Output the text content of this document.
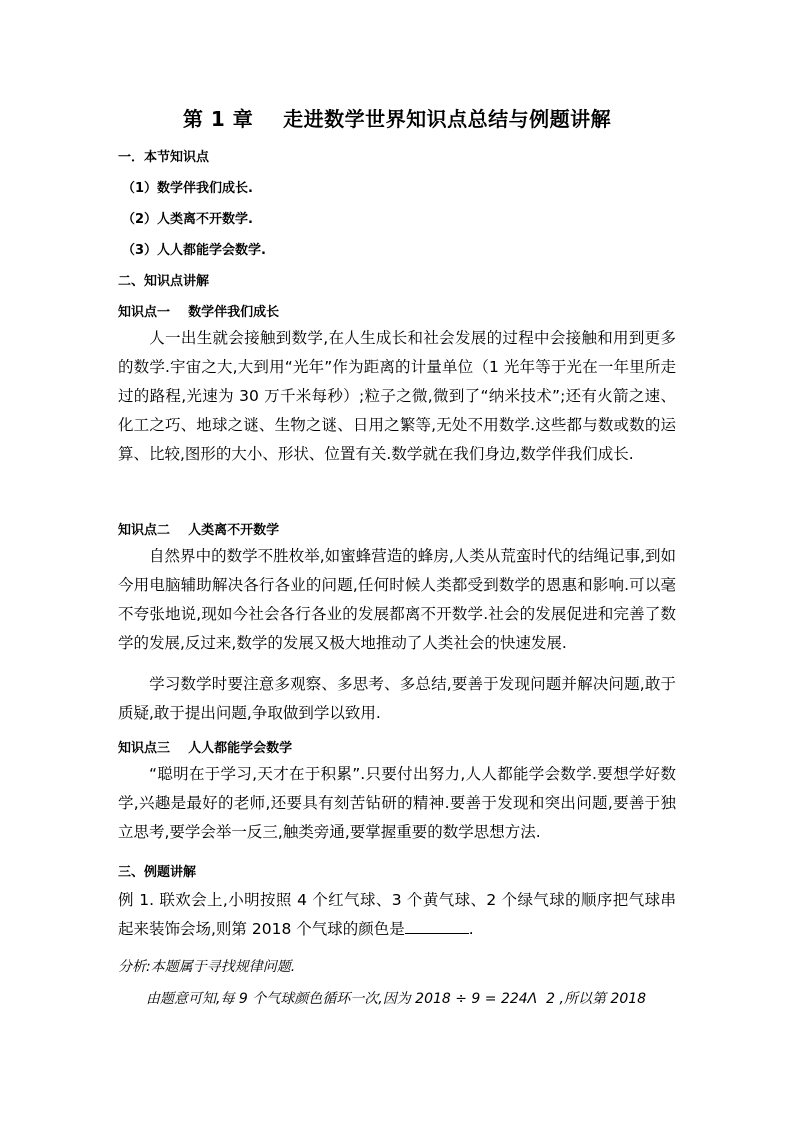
第 1 章    走进数学世界知识点总结与例题讲解
一．本节知识点
（1）数学伴我们成长.
（2）人类离不开数学.
（3）人人都能学会数学.
二、知识点讲解
知识点一    数学伴我们成长
人一出生就会接触到数学,在人生成长和社会发展的过程中会接触和用到更多的数学.宇宙之大,大到用“光年”作为距离的计量单位（1 光年等于光在一年里所走过的路程,光速为 30 万千米每秒）;粒子之微,微到了“纳米技术”;还有火箭之速、化工之巧、地球之谜、生物之谜、日用之繁等,无处不用数学.这些都与数或数的运算、比较,图形的大小、形状、位置有关.数学就在我们身边,数学伴我们成长.
知识点二    人类离不开数学
自然界中的数学不胜枚举,如蜜蜂营造的蜂房,人类从荒蛮时代的结绳记事,到如今用电脑辅助解决各行各业的问题,任何时候人类都受到数学的恩惠和影响.可以毫不夸张地说,现如今社会各行各业的发展都离不开数学.社会的发展促进和完善了数学的发展,反过来,数学的发展又极大地推动了人类社会的快速发展.
学习数学时要注意多观察、多思考、多总结,要善于发现问题并解决问题,敢于质疑,敢于提出问题,争取做到学以致用.
知识点三    人人都能学会数学
“聪明在于学习,天才在于积累”.只要付出努力,人人都能学会数学.要想学好数学,兴趣是最好的老师,还要具有刻苦钻研的精神.要善于发现和突出问题,要善于独立思考,要学会举一反三,触类旁通,要掌握重要的数学思想方法.
三、例题讲解
例 1. 联欢会上,小明按照 4 个红气球、3 个黄气球、2 个绿气球的顺序把气球串起来装饰会场,则第 2018 个气球的颜色是	.
分析:本题属于寻找规律问题.
由题意可知,每 9 个气球颜色循环一次,因为 2018 ÷ 9 = 224Λ  2 ,所以第 2018
